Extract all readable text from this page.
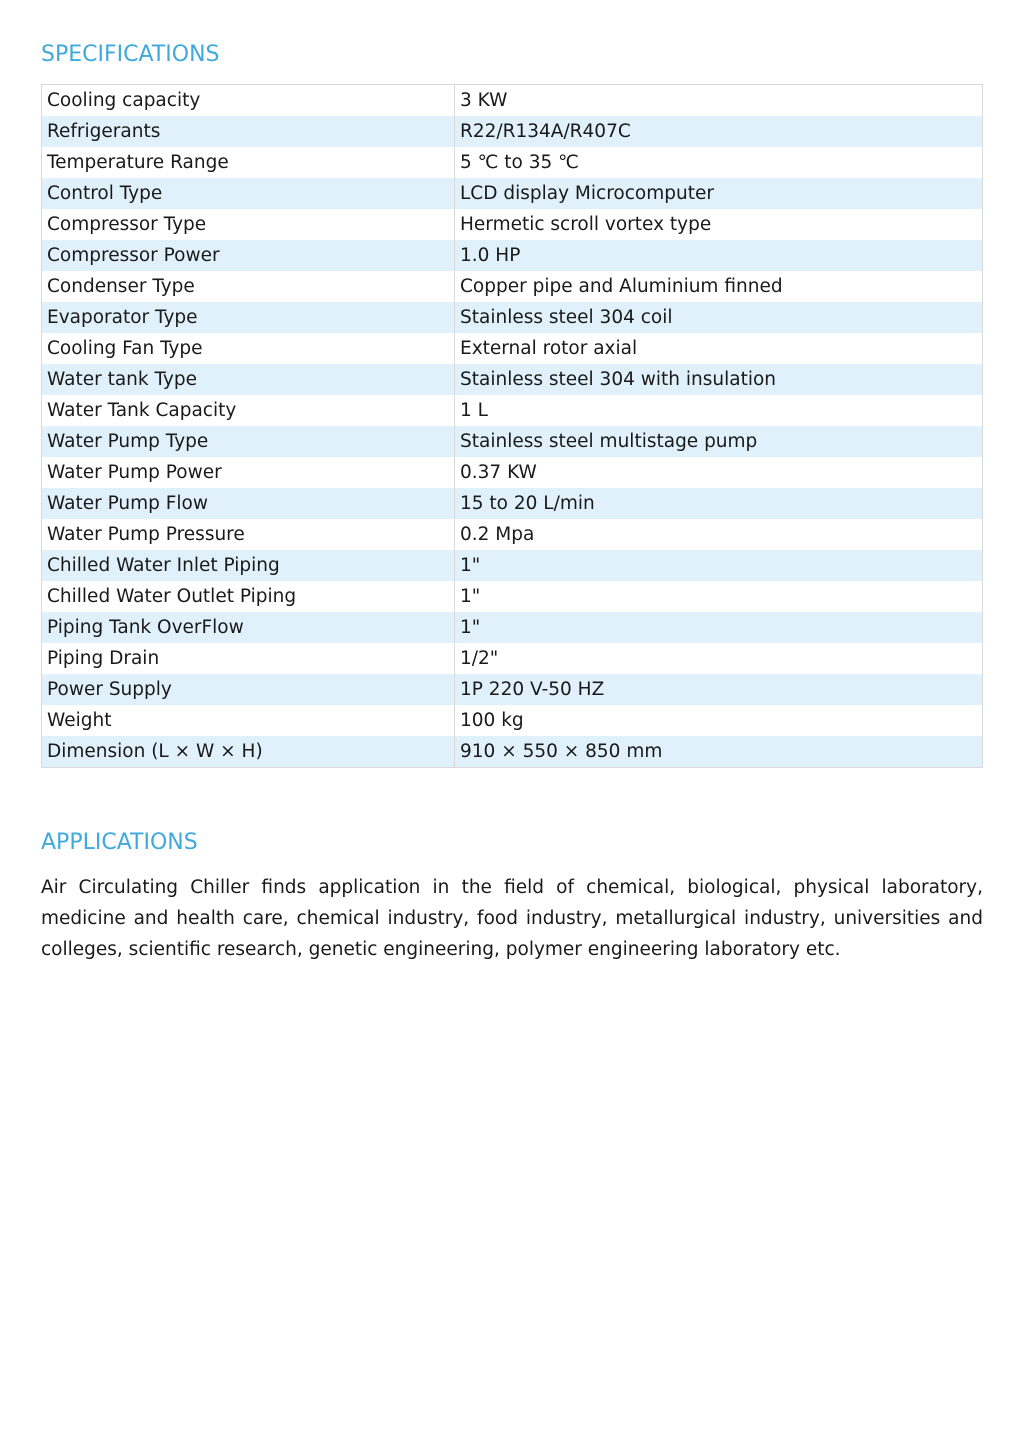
SPECIFICATIONS
Cooling capacity	3 KW
Refrigerants	R22/R134A/R407C
Temperature Range	5 ℃ to 35 ℃
Control Type	LCD display Microcomputer
Compressor Type	Hermetic scroll vortex type
Compressor Power	1.0 HP
Condenser Type	Copper pipe and Aluminium finned
Evaporator Type	Stainless steel 304 coil
Cooling Fan Type	External rotor axial
Water tank Type	Stainless steel 304 with insulation
Water Tank Capacity	1 L
Water Pump Type	Stainless steel multistage pump
Water Pump Power	0.37 KW
Water Pump Flow	15 to 20 L/min
Water Pump Pressure	0.2 Mpa
Chilled Water Inlet Piping	1"
Chilled Water Outlet Piping	1"
Piping Tank OverFlow	1"
Piping Drain	1/2"
Power Supply	1P 220 V-50 HZ
Weight	100 kg
Dimension (L × W × H)	910 × 550 × 850 mm
APPLICATIONS

Air Circulating Chiller finds application in the field of chemical, biological, physical laboratory, medicine and health care, chemical industry, food industry, metallurgical industry, universities and colleges, scientific research, genetic engineering, polymer engineering laboratory etc.
